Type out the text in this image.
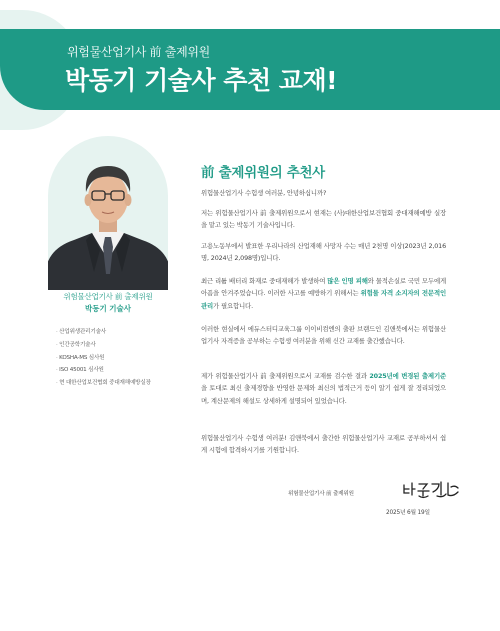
위험물산업기사 前 출제위원
박동기 기술사 추천 교재!
위험물산업기사 前 출제위원
박동기 기술사
· 산업위생관리기술사
· 인간공학기술사
· KOSHA-MS 심사원
· ISO 45001 심사원
· 현 대한산업보건협회 중대재해예방실장
前 출제위원의 추천사

위험물산업기사 수험생 여러분, 안녕하십니까?

저는 위험물산업기사 前 출제위원으로서 현재는 (사)대한산업보건협회 중대재해예방 실장을 맡고 있는 박동기 기술사입니다.

고용노동부에서 발표한 우리나라의 산업재해 사망자 수는 매년 2천명 이상(2023년 2,016명, 2024년 2,098명)입니다.

최근 리튬 배터리 화재로 중대재해가 발생하여 많은 인명 피해와 물적손실로 국민 모두에게 아픔을 안겨주었습니다. 이러한 사고를 예방하기 위해서는 위험물 자격 소지자의 전문적인 관리가 필요합니다.

이러한 현실에서 에듀스터디교육그룹 이이비컴엔의 출판 브랜드인 김앤북에서는 위험물산업기사 자격증을 공부하는 수험생 여러분을 위해 신간 교재를 출간했습니다.

제가 위험물산업기사 前 출제위원으로서 교재를 검수한 결과 2025년에 변경된 출제기준을 토대로 최신 출제경향을 반영한 문제와 최신의 법적근거 등이 알기 쉽게 잘 정리되었으며, 계산문제의 해설도 상세하게 설명되어 있었습니다.

위험물산업기사 수험생 여러분! 김앤북에서 출간한 위험물산업기사 교재로 공부하셔서 쉽게 시험에 합격하시기를 기원합니다.

위험물산업기사 前 출제위원
2025년 6월 19일
